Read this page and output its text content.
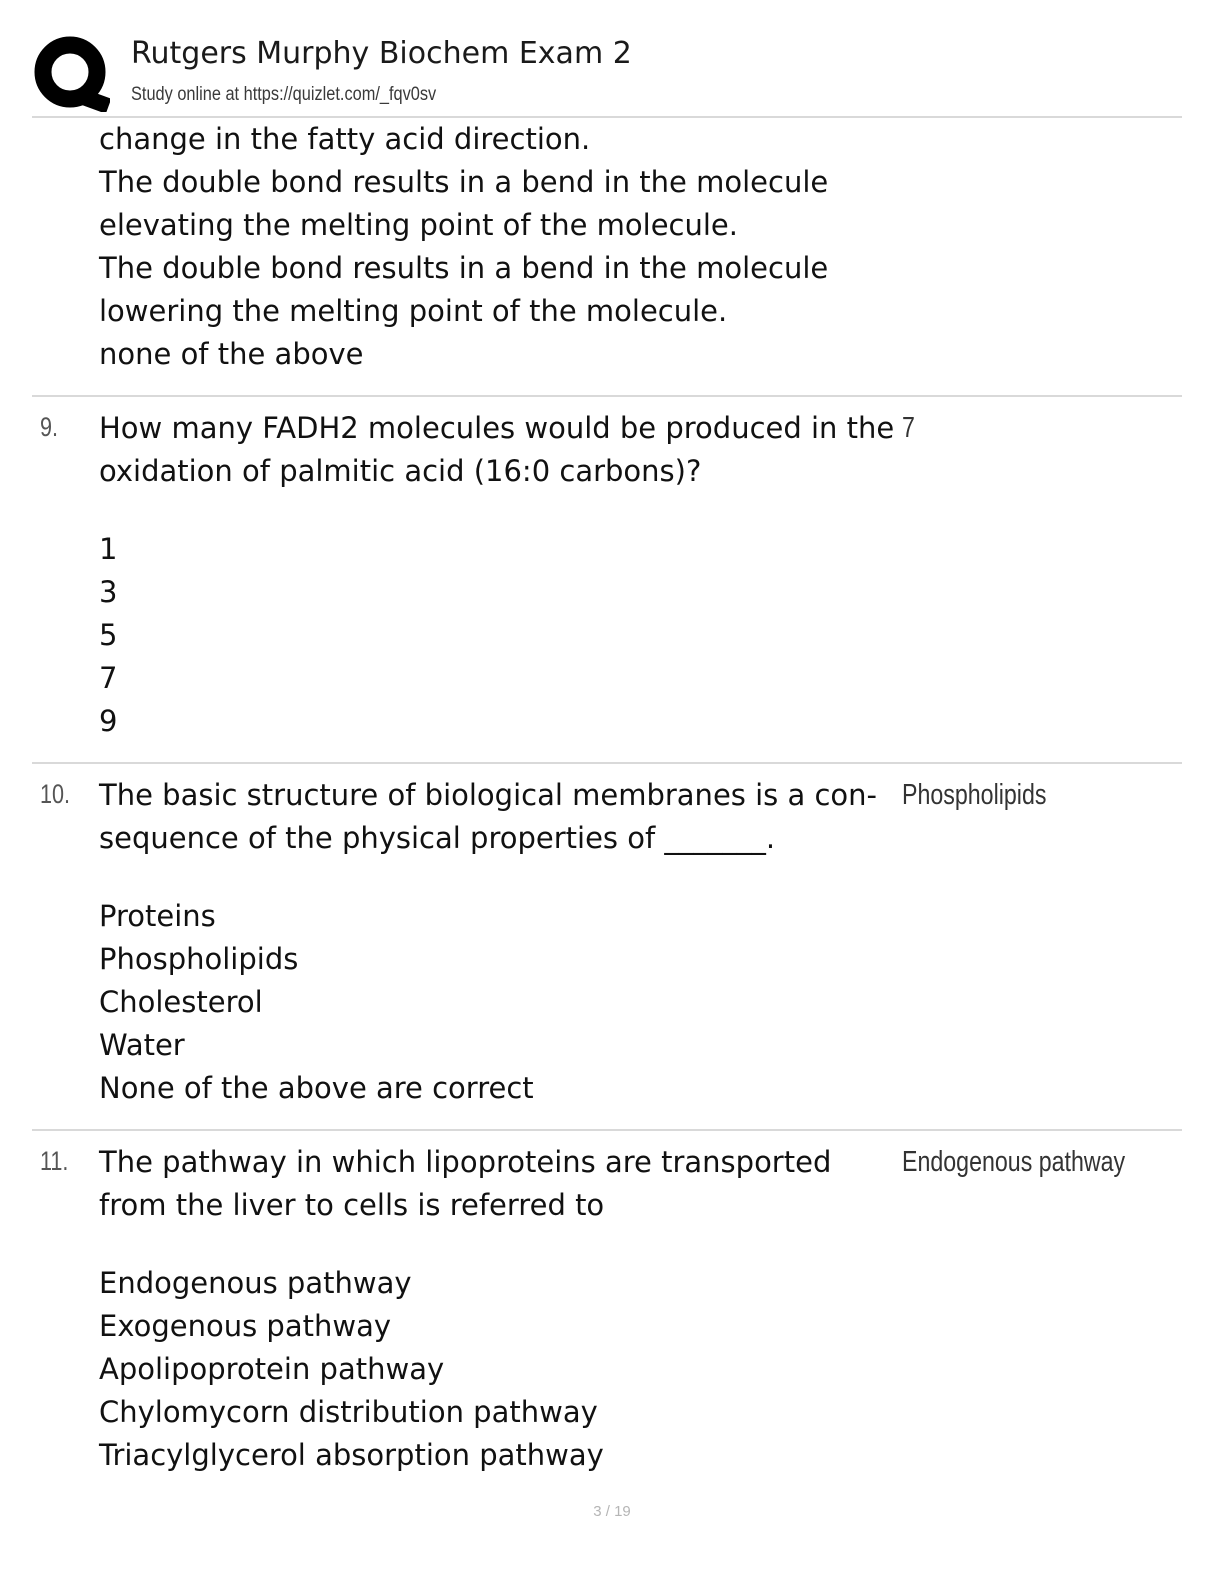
Rutgers Murphy Biochem Exam 2
Study online at https://quizlet.com/_fqv0sv
change in the fatty acid direction.
The double bond results in a bend in the molecule
elevating the melting point of the molecule.
The double bond results in a bend in the molecule
lowering the melting point of the molecule.
none of the above
9. How many FADH2 molecules would be produced in the oxidation of palmitic acid (16:0 carbons)?
7
1
3
5
7
9
10. The basic structure of biological membranes is a con- sequence of the physical properties of _______.
Phospholipids
Proteins
Phospholipids
Cholesterol
Water
None of the above are correct
11. The pathway in which lipoproteins are transported from the liver to cells is referred to
Endogenous pathway
Endogenous pathway
Exogenous pathway
Apolipoprotein pathway
Chylomycorn distribution pathway
Triacylglycerol absorption pathway
3 / 19
